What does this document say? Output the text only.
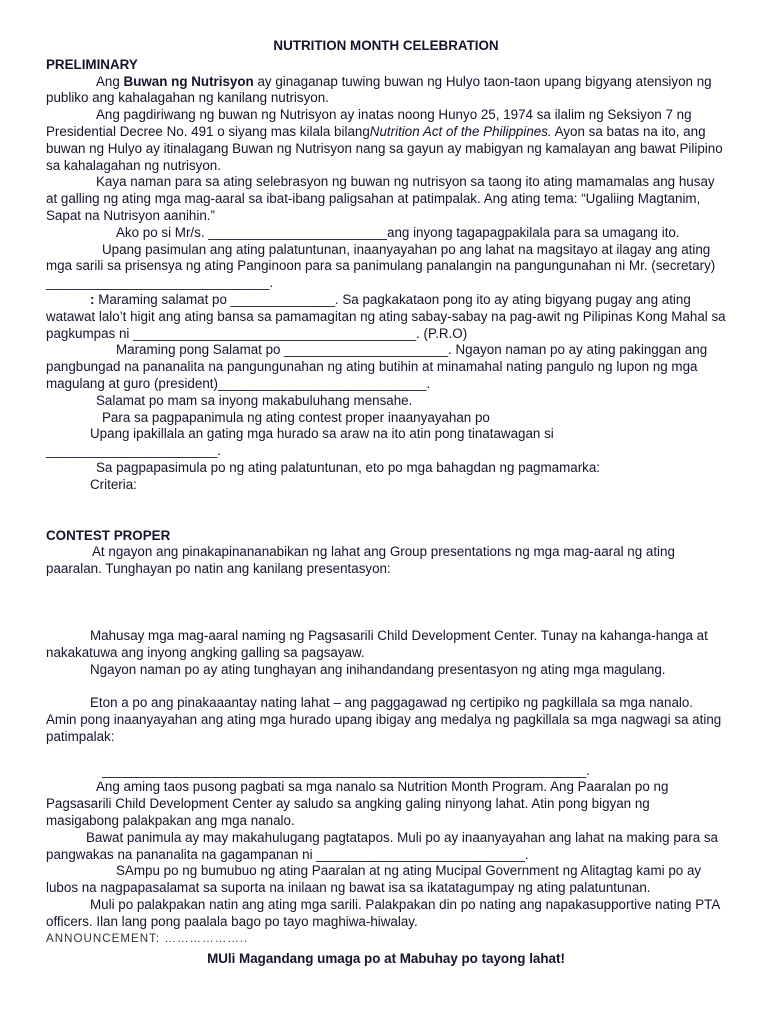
NUTRITION MONTH CELEBRATION

PRELIMINARY

Ang Buwan ng Nutrisyon ay ginaganap tuwing buwan ng Hulyo taon-taon upang bigyang atensiyon ng publiko ang kahalagahan ng kanilang nutrisyon.

Ang pagdiriwang ng buwan ng Nutrisyon ay inatas noong Hunyo 25, 1974 sa ilalim ng Seksiyon 7 ng Presidential Decree No. 491 o siyang mas kilala bilangNutrition Act of the Philippines. Ayon sa batas na ito, ang buwan ng Hulyo ay itinalagang Buwan ng Nutrisyon nang sa gayun ay mabigyan ng kamalayan ang bawat Pilipino sa kahalagahan ng nutrisyon.

Kaya naman para sa ating selebrasyon ng buwan ng nutrisyon sa taong ito ating mamamalas ang husay at galling ng ating mga mag-aaral sa ibat-ibang paligsahan at patimpalak. Ang ating tema: “Ugaliing Magtanim, Sapat na Nutrisyon aanihin.”

Ako po si Mr/s. ________________________ang inyong tagapagpakilala para sa umagang ito.

Upang pasimulan ang ating palatuntunan, inaanyayahan po ang lahat na magsitayo at ilagay ang ating mga sarili sa prisensya ng ating Panginoon para sa panimulang panalangin na pangungunahan ni Mr. (secretary) ______________________________.

: Maraming salamat po ______________. Sa pagkakataon pong ito ay ating bigyang pugay ang ating watawat lalo’t higit ang ating bansa sa pamamagitan ng ating sabay-sabay na pag-awit ng Pilipinas Kong Mahal sa pagkumpas ni ______________________________________. (P.R.O)

Maraming pong Salamat po ______________________. Ngayon naman po ay ating pakinggan ang pangbungad na pananalita na pangungunahan ng ating butihin at minamahal nating pangulo ng lupon ng mga magulang at guro (president)____________________________.

Salamat po mam sa inyong makabuluhang mensahe.

Para sa pagpapanimula ng ating contest proper inaanyayahan po

Upang ipakillala an gating mga hurado sa araw na ito atin pong tinatawagan si _______________________.

Sa pagpapasimula po ng ating palatuntunan, eto po mga bahagdan ng pagmamarka:

Criteria:

CONTEST PROPER

At ngayon ang pinakapinananabikan ng lahat ang Group presentations ng mga mag-aaral ng ating paaralan. Tunghayan po natin ang kanilang presentasyon:

Mahusay mga mag-aaral naming ng Pagsasarili Child Development Center. Tunay na kahanga-hanga at nakakatuwa ang inyong angking galling sa pagsayaw.

Ngayon naman po ay ating tunghayan ang inihandandang presentasyon ng ating mga magulang.

Eton a po ang pinakaaantay nating lahat – ang paggagawad ng certipiko ng pagkillala sa mga nanalo. Amin pong inaanyayahan ang ating mga hurado upang ibigay ang medalya ng pagkillala sa mga nagwagi sa ating patimpalak:

_________________________________________________________________.

Ang aming taos pusong pagbati sa mga nanalo sa Nutrition Month Program. Ang Paaralan po ng Pagsasarili Child Development Center ay saludo sa angking galing ninyong lahat. Atin pong bigyan ng masigabong palakpakan ang mga nanalo.

Bawat panimula ay may makahulugang pagtatapos. Muli po ay inaanyayahan ang lahat na making para sa pangwakas na pananalita na gagampanan ni ____________________________.

SAmpu po ng bumubuo ng ating Paaralan at ng ating Mucipal Government ng Alitagtag kami po ay lubos na nagpapasalamat sa suporta na inilaan ng bawat isa sa ikatatagumpay ng ating palatuntunan.

Muli po palakpakan natin ang ating mga sarili. Palakpakan din po nating ang napakasupportive nating PTA officers. Ilan lang pong paalala bago po tayo maghiwa-hiwalay.

ANNOUNCEMENT: ………………..

MUli Magandang umaga po at Mabuhay po tayong lahat!
